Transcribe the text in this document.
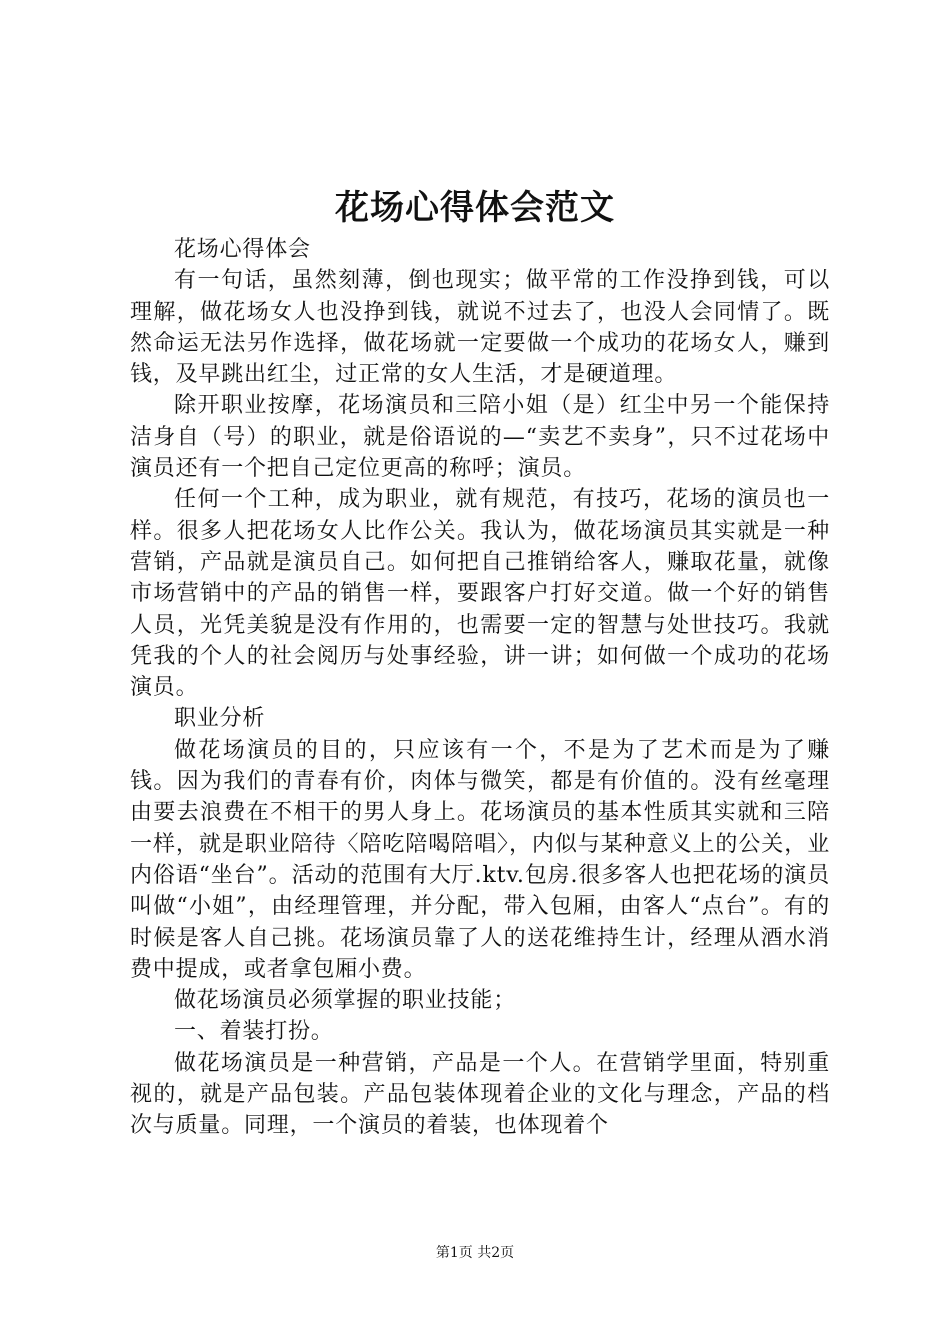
花场心得体会范文

花场心得体会

有一句话，虽然刻薄，倒也现实；做平常的工作没挣到钱，可以理解，做花场女人也没挣到钱，就说不过去了，也没人会同情了。既然命运无法另作选择，做花场就一定要做一个成功的花场女人，赚到钱，及早跳出红尘，过正常的女人生活，才是硬道理。

除开职业按摩，花场演员和三陪小姐（是）红尘中另一个能保持洁身自（号）的职业，就是俗语说的—“卖艺不卖身”，只不过花场中演员还有一个把自己定位更高的称呼；演员。

任何一个工种，成为职业，就有规范，有技巧，花场的演员也一样。很多人把花场女人比作公关。我认为，做花场演员其实就是一种营销，产品就是演员自己。如何把自己推销给客人，赚取花量，就像市场营销中的产品的销售一样，要跟客户打好交道。做一个好的销售人员，光凭美貌是没有作用的，也需要一定的智慧与处世技巧。我就凭我的个人的社会阅历与处事经验，讲一讲；如何做一个成功的花场演员。

职业分析

做花场演员的目的，只应该有一个，不是为了艺术而是为了赚钱。因为我们的青春有价，肉体与微笑，都是有价值的。没有丝毫理由要去浪费在不相干的男人身上。花场演员的基本性质其实就和三陪一样，就是职业陪待〈陪吃陪喝陪唱〉，内似与某种意义上的公关，业内俗语“坐台”。活动的范围有大厅.ktv.包房.很多客人也把花场的演员叫做“小姐”，由经理管理，并分配，带入包厢，由客人“点台”。有的时候是客人自己挑。花场演员靠了人的送花维持生计，经理从酒水消费中提成，或者拿包厢小费。

做花场演员必须掌握的职业技能；

一、着装打扮。

做花场演员是一种营销，产品是一个人。在营销学里面，特别重视的，就是产品包装。产品包装体现着企业的文化与理念，产品的档次与质量。同理，一个演员的着装，也体现着个

第1页 共2页
